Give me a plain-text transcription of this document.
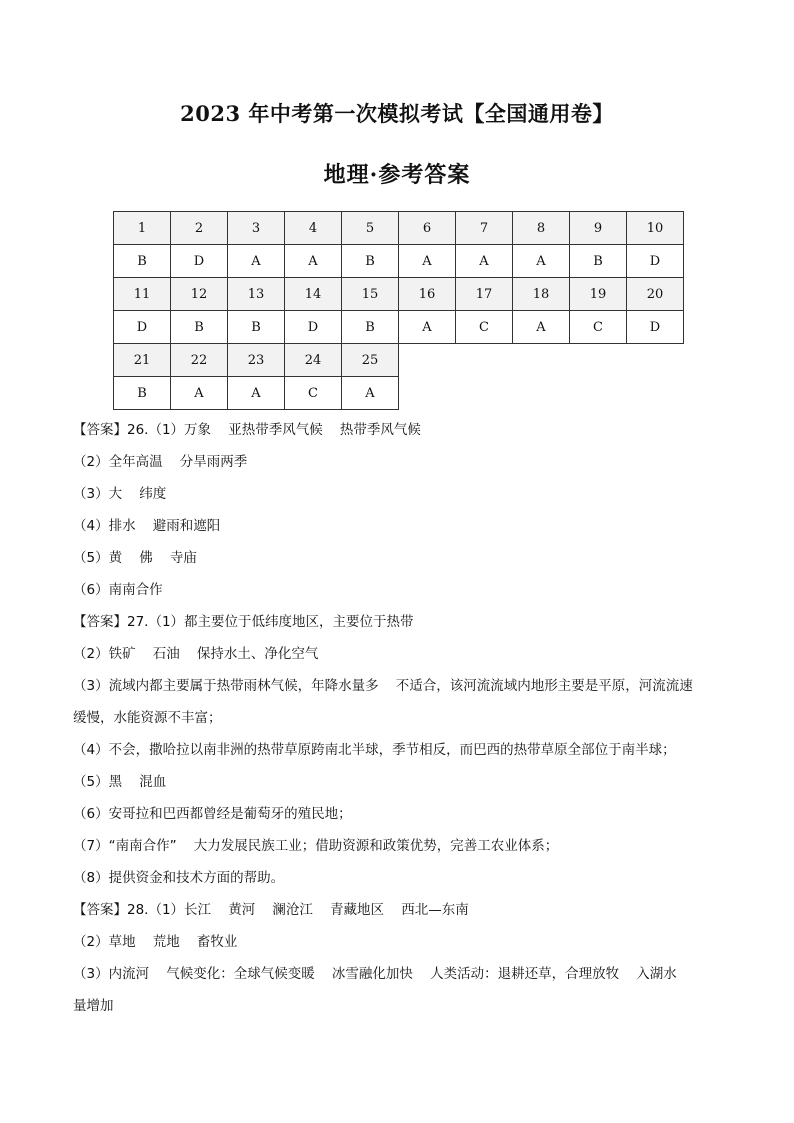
2023 年中考第一次模拟考试【全国通用卷】
地理·参考答案
1	2	3	4	5	6	7	8	9	10
B	D	A	A	B	A	A	A	B	D
11	12	13	14	15	16	17	18	19	20
D	B	B	D	B	A	C	A	C	D
21	22	23	24	25					
B	A	A	C	A					

【答案】26.（1）万象    亚热带季风气候    热带季风气候

（2）全年高温    分旱雨两季

（3）大    纬度

（4）排水    避雨和遮阳

（5）黄    佛    寺庙

（6）南南合作

【答案】27.（1）都主要位于低纬度地区，主要位于热带

（2）铁矿    石油    保持水土、净化空气

（3）流域内都主要属于热带雨林气候，年降水量多    不适合，该河流流域内地形主要是平原，河流流速

缓慢，水能资源不丰富；

（4）不会，撒哈拉以南非洲的热带草原跨南北半球，季节相反，而巴西的热带草原全部位于南半球；

（5）黑    混血

（6）安哥拉和巴西都曾经是葡萄牙的殖民地；

（7）“南南合作”    大力发展民族工业；借助资源和政策优势，完善工农业体系；

（8）提供资金和技术方面的帮助。

【答案】28.（1）长江    黄河    澜沧江    青藏地区    西北—东南

（2）草地    荒地    畜牧业

（3）内流河    气候变化：全球气候变暖    冰雪融化加快    人类活动：退耕还草，合理放牧    入湖水

量增加
